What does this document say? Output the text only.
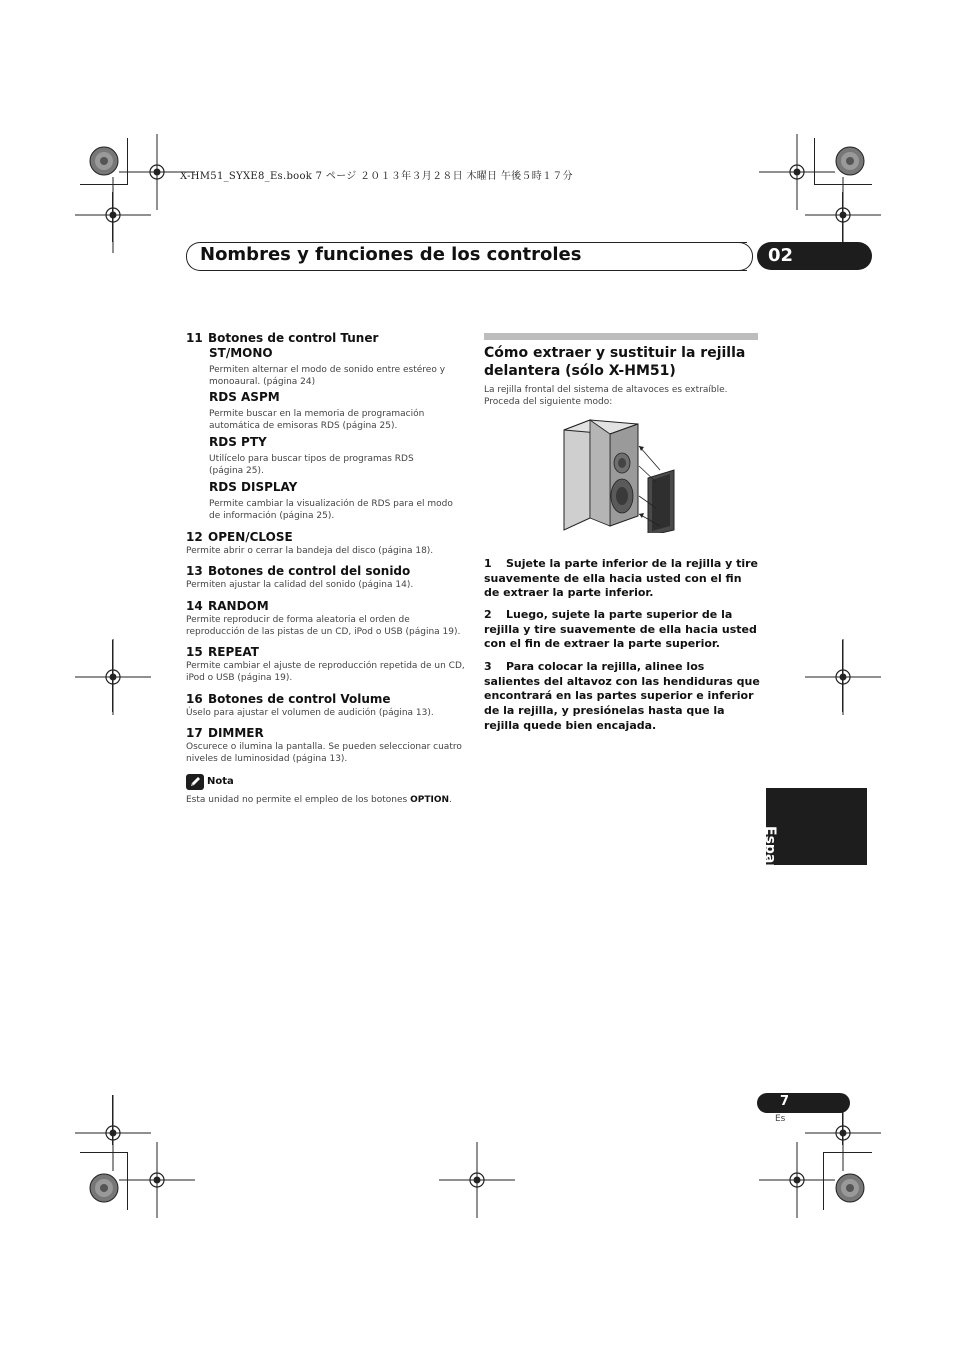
X-HM51_SYXE8_Es.book 7 ページ ２０１３年３月２８日 木曜日 午後５時１７分
Nombres y funciones de los controles	02
11 Botones de control Tuner
ST/MONO
Permiten alternar el modo de sonido entre estéreo y monoaural. (página 24)
RDS ASPM
Permite buscar en la memoria de programación automática de emisoras RDS (página 25).
RDS PTY
Utilícelo para buscar tipos de programas RDS (página 25).
RDS DISPLAY
Permite cambiar la visualización de RDS para el modo de información (página 25).
12 OPEN/CLOSE
Permite abrir o cerrar la bandeja del disco (página 18).
13 Botones de control del sonido
Permiten ajustar la calidad del sonido (página 14).
14 RANDOM
Permite reproducir de forma aleatoria el orden de reproducción de las pistas de un CD, iPod o USB (página 19).
15 REPEAT
Permite cambiar el ajuste de reproducción repetida de un CD, iPod o USB (página 19).
16 Botones de control Volume
Úselo para ajustar el volumen de audición (página 13).
17 DIMMER
Oscurece o ilumina la pantalla. Se pueden seleccionar cuatro niveles de luminosidad (página 13).
Nota
Esta unidad no permite el empleo de los botones OPTION.
Cómo extraer y sustituir la rejilla delantera (sólo X-HM51)
La rejilla frontal del sistema de altavoces es extraíble. Proceda del siguiente modo:
1 Sujete la parte inferior de la rejilla y tire suavemente de ella hacia usted con el fin de extraer la parte inferior.
2 Luego, sujete la parte superior de la rejilla y tire suavemente de ella hacia usted con el fin de extraer la parte superior.
3 Para colocar la rejilla, alinee los salientes del altavoz con las hendiduras que encontrará en las partes superior e inferior de la rejilla, y presiónelas hasta que la rejilla quede bien encajada.
Español
7
Es
